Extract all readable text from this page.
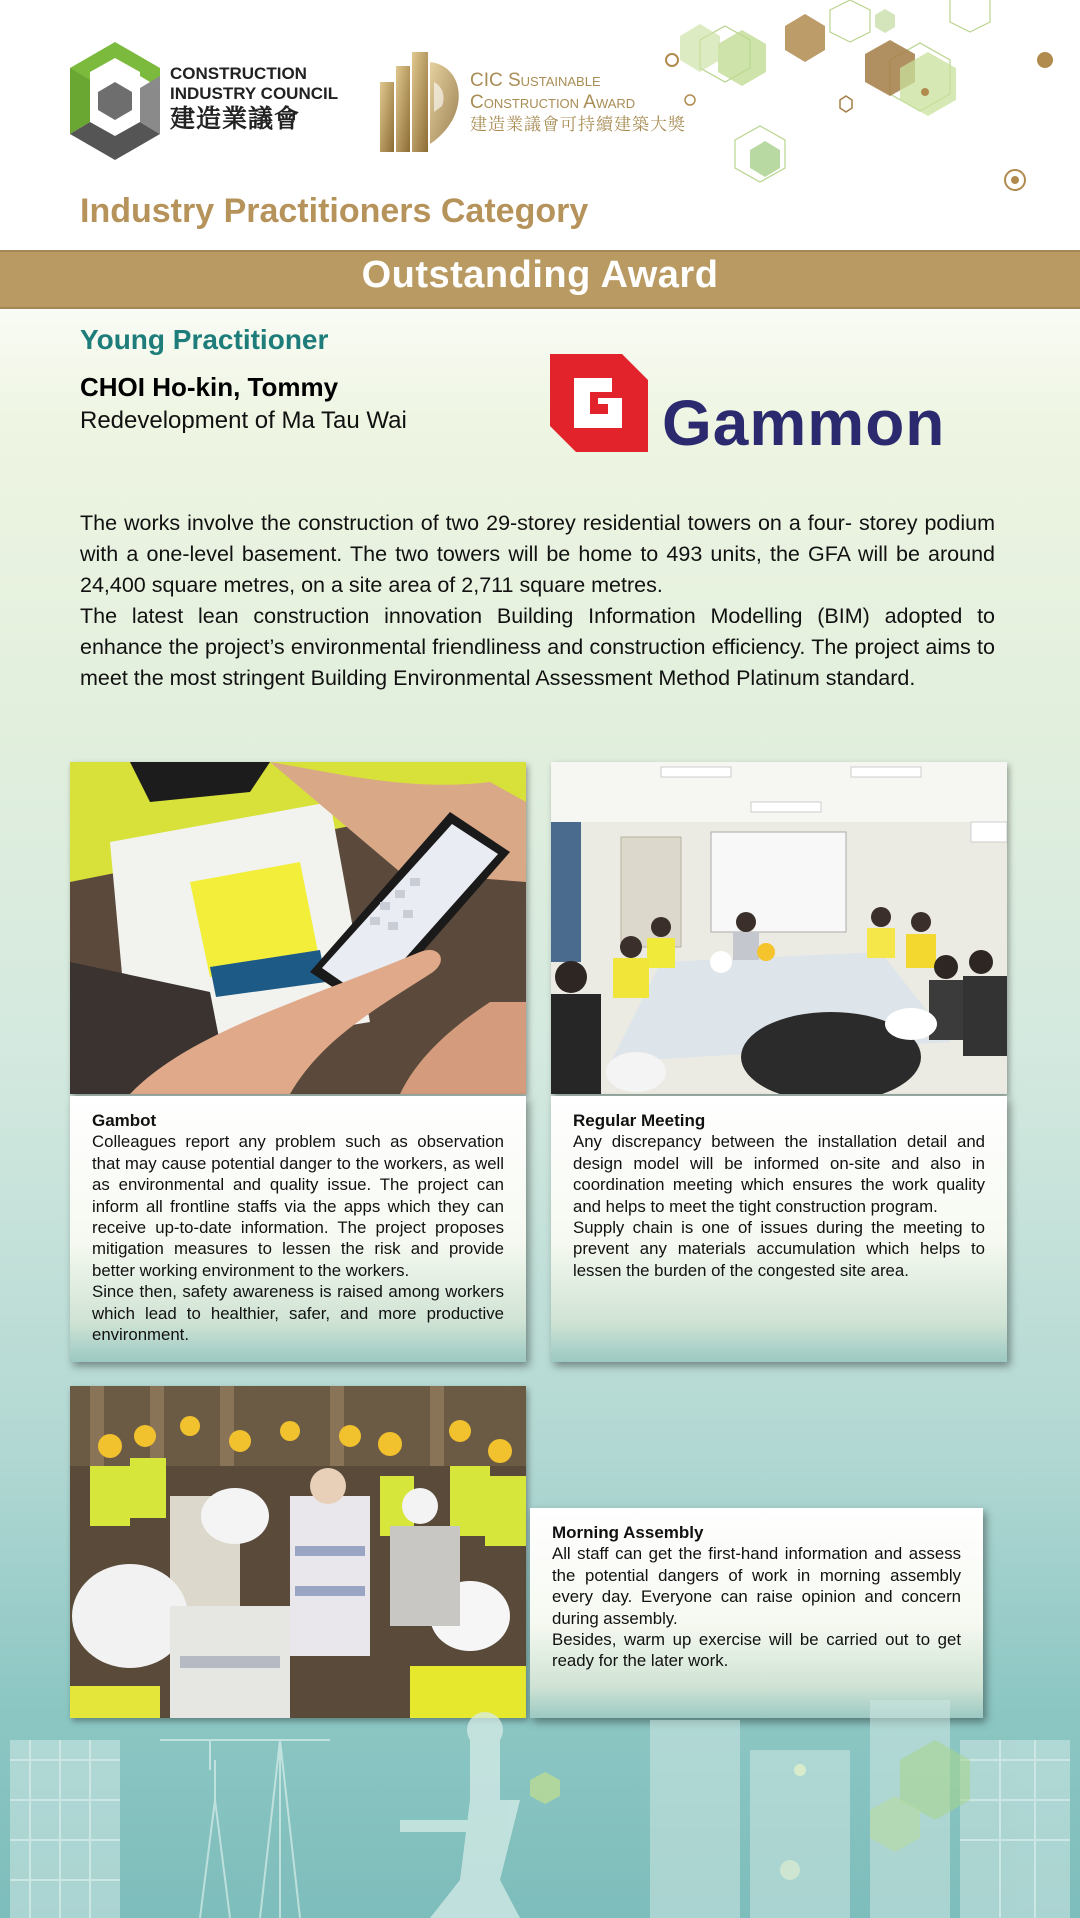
CONSTRUCTION
INDUSTRY COUNCIL
建造業議會
CIC Sustainable
Construction Award
建造業議會可持續建築大獎
Industry Practitioners Category
Outstanding Award
Young Practitioner
CHOI Ho-kin, Tommy
Redevelopment of Ma Tau Wai	Gammon

The works involve the construction of two 29-storey residential towers on a four- storey podium with a one-level basement. The two towers will be home to 493 units, the GFA will be around 24,400 square metres, on a site area of 2,711 square metres.

The latest lean construction innovation Building Information Modelling (BIM) adopted to enhance the project’s environmental friendliness and construction efficiency. The project aims to meet the most stringent Building Environmental Assessment Method Platinum standard.

Gambot

Colleagues report any problem such as observation that may cause potential danger to the workers, as well as environmental and quality issue. The project can inform all frontline staffs via the apps which they can receive up-to-date information. The project proposes mitigation measures to lessen the risk and provide better working environment to the workers.

Since then, safety awareness is raised among workers which lead to healthier, safer, and more productive environment.

Regular Meeting

Any discrepancy between the installation detail and design model will be informed on-site and also in coordination meeting which ensures the work quality and helps to meet the tight construction program.

Supply chain is one of issues during the meeting to prevent any materials accumulation which helps to lessen the burden of the congested site area.

Morning Assembly

All staff can get the first-hand information and assess the potential dangers of work in morning assembly every day. Everyone can raise opinion and concern during assembly.

Besides, warm up exercise will be carried out to get ready for the later work.
